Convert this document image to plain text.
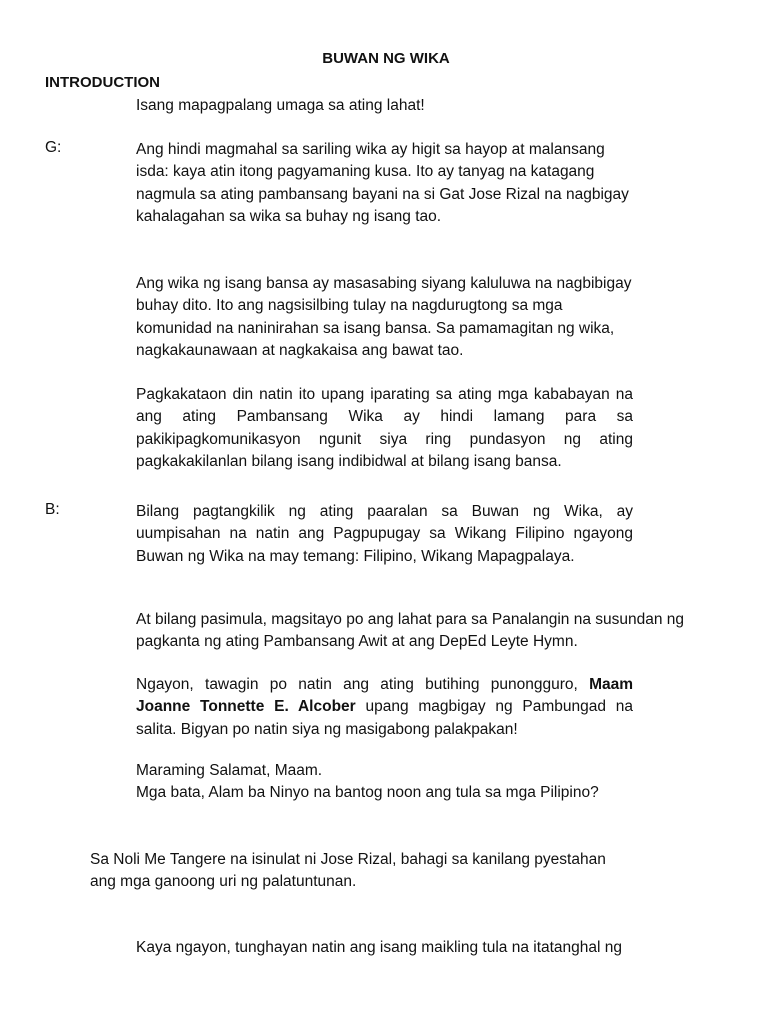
BUWAN NG WIKA
INTRODUCTION
Isang mapagpalang umaga sa ating lahat!
G:	Ang hindi magmahal sa sariling wika ay higit sa hayop at malansang
isda: kaya atin itong pagyamaning kusa. Ito ay tanyag na katagang
nagmula sa ating pambansang bayani na si Gat Jose Rizal na nagbigay
kahalagahan sa wika sa buhay ng isang tao.
Ang wika ng isang bansa ay masasabing siyang kaluluwa na nagbibigay
buhay dito. Ito ang nagsisilbing tulay na nagdurugtong sa mga
komunidad na naninirahan sa isang bansa. Sa pamamagitan ng wika,
nagkakaunawaan at nagkakaisa ang bawat tao.
Pagkakataon din natin ito upang iparating sa ating mga kababayan na ang ating Pambansang Wika ay hindi lamang para sa pakikipagkomunikasyon ngunit siya ring pundasyon ng ating pagkakakilanlan bilang isang indibidwal at bilang isang bansa.
B:	Bilang pagtangkilik ng ating paaralan sa Buwan ng Wika, ay uumpisahan na natin ang Pagpupugay sa Wikang Filipino ngayong Buwan ng Wika na may temang: Filipino, Wikang Mapagpalaya.
At bilang pasimula, magsitayo po ang lahat para sa Panalangin na susundan ng
pagkanta ng ating Pambansang Awit at ang DepEd Leyte Hymn.
Ngayon, tawagin po natin ang ating butihing punongguro, Maam Joanne Tonnette E. Alcober upang magbigay ng Pambungad na salita. Bigyan po natin siya ng masigabong palakpakan!
Maraming Salamat, Maam.
Mga bata, Alam ba Ninyo na bantog noon ang tula sa mga Pilipino?
Sa Noli Me Tangere na isinulat ni Jose Rizal, bahagi sa kanilang pyestahan
ang mga ganoong uri ng palatuntunan.
Kaya ngayon, tunghayan natin ang isang maikling tula na itatanghal ng
